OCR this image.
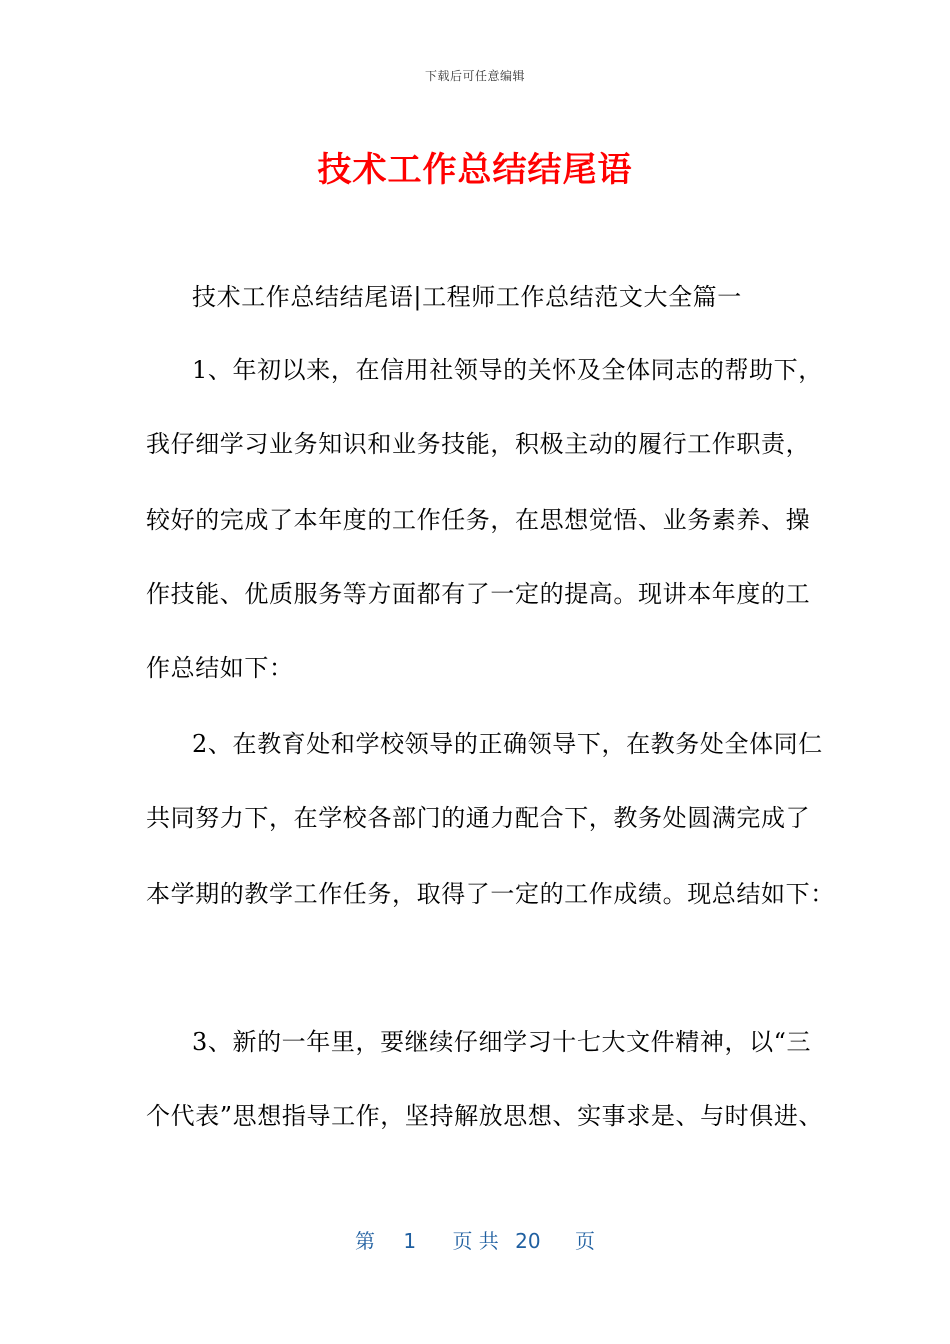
下载后可任意编辑
技术工作总结结尾语
技术工作总结结尾语|工程师工作总结范文大全篇一
1、年初以来，在信用社领导的关怀及全体同志的帮助下，
我仔细学习业务知识和业务技能，积极主动的履行工作职责，
较好的完成了本年度的工作任务，在思想觉悟、业务素养、操
作技能、优质服务等方面都有了一定的提高。现讲本年度的工
作总结如下：
2、在教育处和学校领导的正确领导下，在教务处全体同仁
共同努力下，在学校各部门的通力配合下，教务处圆满完成了
本学期的教学工作任务，取得了一定的工作成绩。现总结如下：
3、新的一年里，要继续仔细学习十七大文件精神，以“三
个代表”思想指导工作，坚持解放思想、实事求是、与时俱进、
第 1 页 共 20 页
